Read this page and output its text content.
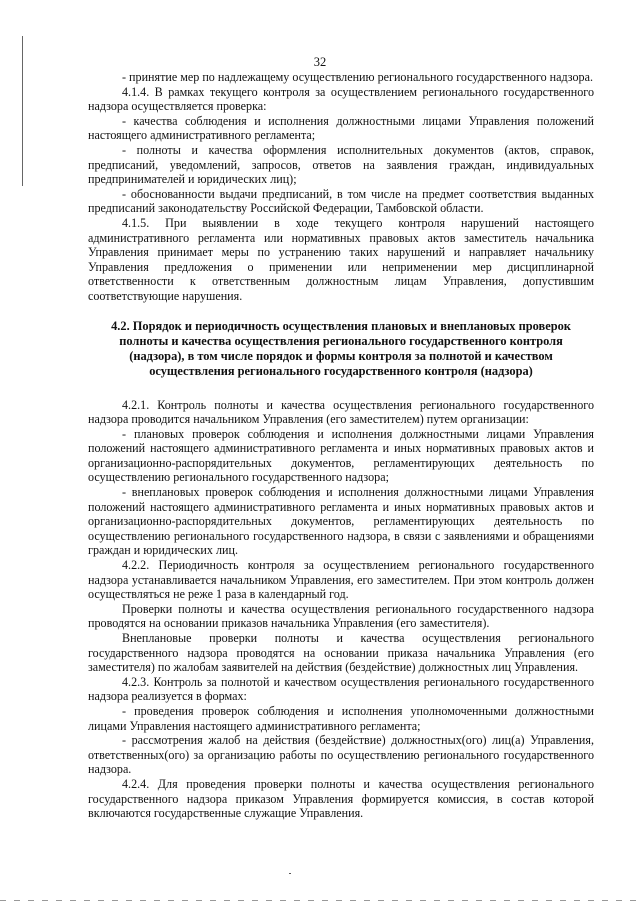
32

- принятие мер по надлежащему осуществлению регионального государственного надзора.

4.1.4. В рамках текущего контроля за осуществлением регионального государственного надзора осуществляется проверка:

- качества соблюдения и исполнения должностными лицами Управления положений настоящего административного регламента;

- полноты и качества оформления исполнительных документов (актов, справок, предписаний, уведомлений, запросов, ответов на заявления граждан, индивидуальных предпринимателей и юридических лиц);

- обоснованности выдачи предписаний, в том числе на предмет соответствия выданных предписаний законодательству Российской Федерации, Тамбовской области.

4.1.5. При выявлении в ходе текущего контроля нарушений настоящего административного регламента или нормативных правовых актов заместитель начальника Управления принимает меры по устранению таких нарушений и направляет начальнику Управления предложения о применении или неприменении мер дисциплинарной ответственности к ответственным должностным лицам Управления, допустившим соответствующие нарушения.

4.2. Порядок и периодичность осуществления плановых и внеплановых проверок полноты и качества осуществления регионального государственного контроля (надзора), в том числе порядок и формы контроля за полнотой и качеством осуществления регионального государственного контроля (надзора)

4.2.1. Контроль полноты и качества осуществления регионального государственного надзора проводится начальником Управления (его заместителем) путем организации:

- плановых проверок соблюдения и исполнения должностными лицами Управления положений настоящего административного регламента и иных нормативных правовых актов и организационно-распорядительных документов, регламентирующих деятельность по осуществлению регионального государственного надзора;

- внеплановых проверок соблюдения и исполнения должностными лицами Управления положений настоящего административного регламента и иных нормативных правовых актов и организационно-распорядительных документов, регламентирующих деятельность по осуществлению регионального государственного надзора, в связи с заявлениями и обращениями граждан и юридических лиц.

4.2.2. Периодичность контроля за осуществлением регионального государственного надзора устанавливается начальником Управления, его заместителем. При этом контроль должен осуществляться не реже 1 раза в календарный год.

Проверки полноты и качества осуществления регионального государственного надзора проводятся на основании приказов начальника Управления (его заместителя).

Внеплановые проверки полноты и качества осуществления регионального государственного надзора проводятся на основании приказа начальника Управления (его заместителя) по жалобам заявителей на действия (бездействие) должностных лиц Управления.

4.2.3. Контроль за полнотой и качеством осуществления регионального государственного надзора реализуется в формах:

- проведения проверок соблюдения и исполнения уполномоченными должностными лицами Управления настоящего административного регламента;

- рассмотрения жалоб на действия (бездействие) должностных(ого) лиц(а) Управления, ответственных(ого) за организацию работы по осуществлению регионального государственного надзора.

4.2.4. Для проведения проверки полноты и качества осуществления регионального государственного надзора приказом Управления формируется комиссия, в состав которой включаются государственные служащие Управления.
